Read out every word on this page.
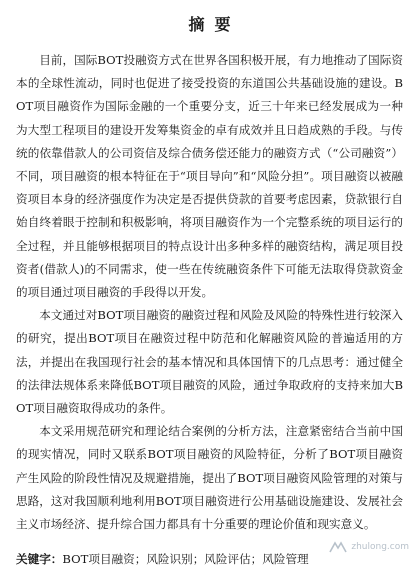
摘要

目前，国际BOT投融资方式在世界各国积极开展，有力地推动了国际资本的全球性流动，同时也促进了接受投资的东道国公共基础设施的建设。BOT项目融资作为国际金融的一个重要分支，近三十年来已经发展成为一种为大型工程项目的建设开发筹集资金的卓有成效并且日趋成熟的手段。与传统的依靠借款人的公司资信及综合债务偿还能力的融资方式（“公司融资”）不同，项目融资的根本特征在于“项目导向”和“风险分担”。项目融资以被融资项目本身的经济强度作为决定是否提供贷款的首要考虑因素，贷款银行自始自终着眼于控制和积极影响，将项目融资作为一个完整系统的项目运行的全过程，并且能够根据项目的特点设计出多种多样的融资结构，满足项目投资者(借款人)的不同需求，使一些在传统融资条件下可能无法取得贷款资金的项目通过项目融资的手段得以开发。

本文通过对BOT项目融资的融资过程和风险及风险的特殊性进行较深入的研究，提出BOT项目在融资过程中防范和化解融资风险的普遍适用的方法，并提出在我国现行社会的基本情况和具体国情下的几点思考：通过健全的法律法规体系来降低BOT项目融资的风险，通过争取政府的支持来加大BOT项目融资取得成功的条件。

本文采用规范研究和理论结合案例的分析方法，注意紧密结合当前中国的现实情况，同时又联系BOT项目融资的风险特征，分析了BOT项目融资产生风险的阶段性情况及规避措施，提出了BOT项目融资风险管理的对策与思路，这对我国顺利地利用BOT项目融资进行公用基础设施建设、发展社会主义市场经济、提升综合国力都具有十分重要的理论价值和现实意义。

关键字：BOT项目融资；风险识别；风险评估；风险管理

zhulong.com
